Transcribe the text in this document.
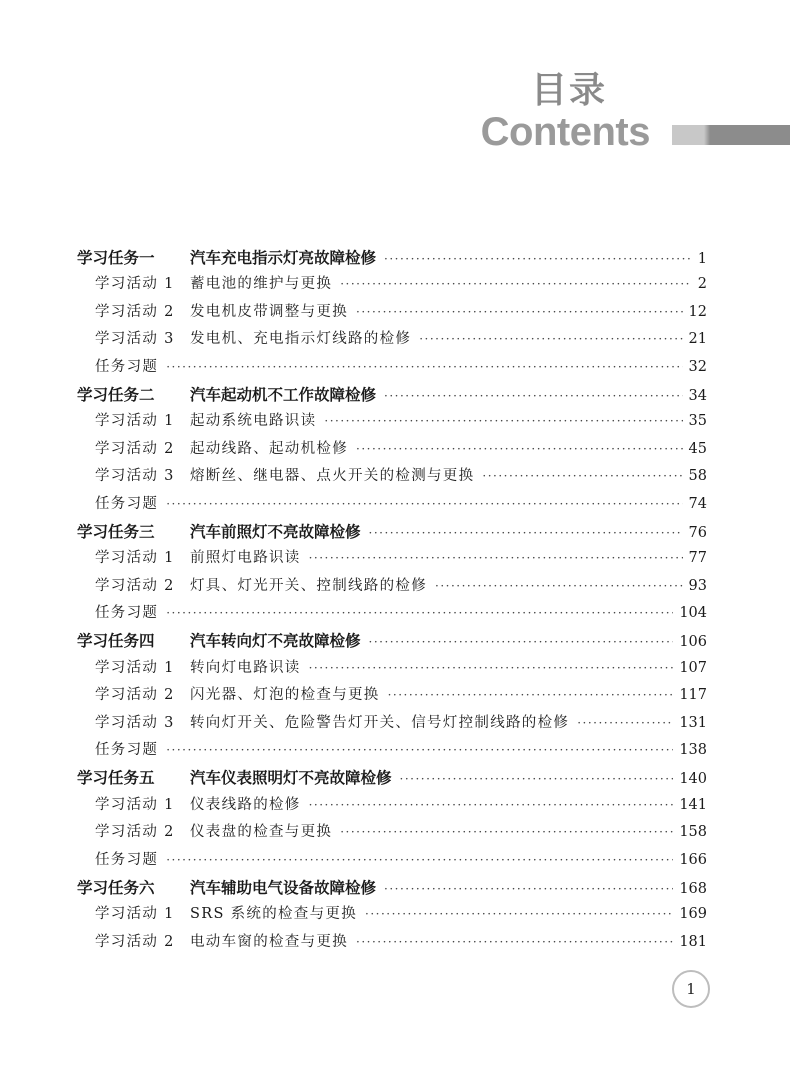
目录
Contents
学习任务一	汽车充电指示灯亮故障检修 ·····	1
学习活动 1	蓄电池的维护与更换 ·····	2
学习活动 2	发电机皮带调整与更换 ·····	12
学习活动 3	发电机、充电指示灯线路的检修 ·····	21
任务习题 ·····	32
学习任务二	汽车起动机不工作故障检修 ·····	34
学习活动 1	起动系统电路识读 ·····	35
学习活动 2	起动线路、起动机检修 ·····	45
学习活动 3	熔断丝、继电器、点火开关的检测与更换 ·····	58
任务习题 ·····	74
学习任务三	汽车前照灯不亮故障检修 ·····	76
学习活动 1	前照灯电路识读 ·····	77
学习活动 2	灯具、灯光开关、控制线路的检修 ·····	93
任务习题 ·····	104
学习任务四	汽车转向灯不亮故障检修 ·····	106
学习活动 1	转向灯电路识读 ·····	107
学习活动 2	闪光器、灯泡的检查与更换 ·····	117
学习活动 3	转向灯开关、危险警告灯开关、信号灯控制线路的检修 ·····	131
任务习题 ·····	138
学习任务五	汽车仪表照明灯不亮故障检修 ·····	140
学习活动 1	仪表线路的检修 ·····	141
学习活动 2	仪表盘的检查与更换 ·····	158
任务习题 ·····	166
学习任务六	汽车辅助电气设备故障检修 ·····	168
学习活动 1	SRS 系统的检查与更换 ·····	169
学习活动 2	电动车窗的检查与更换 ·····	181
1
